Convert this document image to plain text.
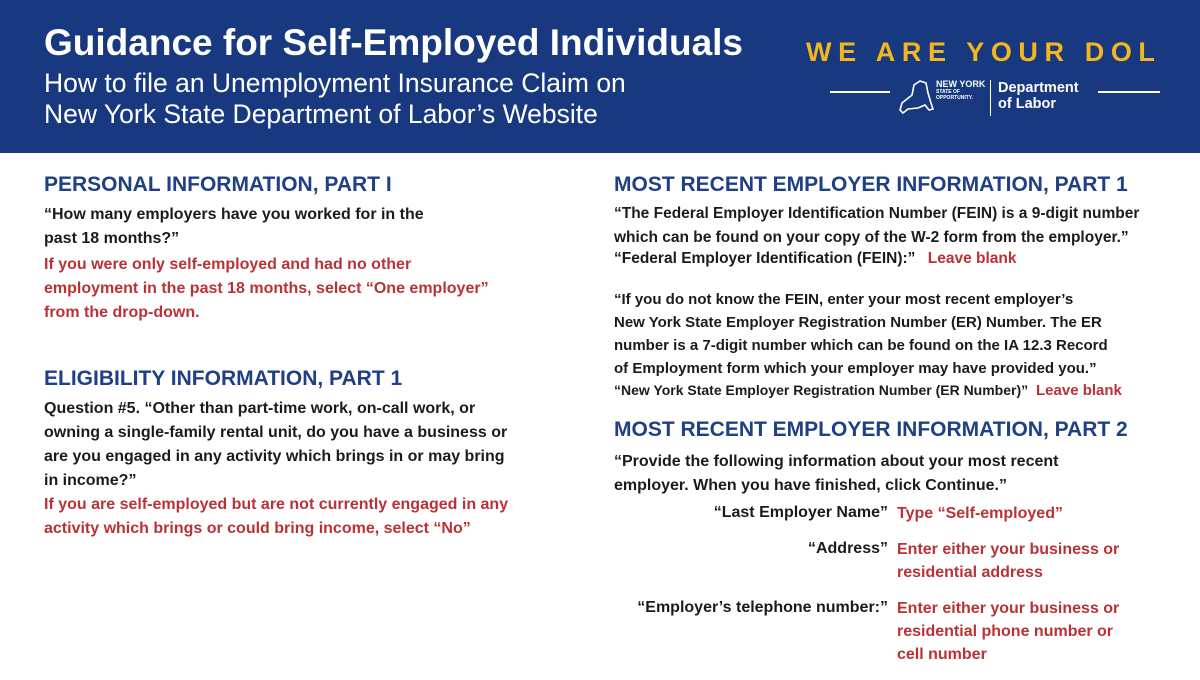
Guidance for Self-Employed Individuals
How to file an Unemployment Insurance Claim on
New York State Department of Labor’s Website
WE ARE YOUR DOL
NEW YORK
STATE OF
OPPORTUNITY.
Department
of Labor
PERSONAL INFORMATION, PART I
“How many employers have you worked for in the
past 18 months?”
If you were only self-employed and had no other
employment in the past 18 months, select “One employer”
from the drop-down.
ELIGIBILITY INFORMATION, PART 1
Question #5. “Other than part-time work, on-call work, or
owning a single-family rental unit, do you have a business or
are you engaged in any activity which brings in or may bring
in income?”
If you are self-employed but are not currently engaged in any
activity which brings or could bring income, select “No”
MOST RECENT EMPLOYER INFORMATION, PART 1
“The Federal Employer Identification Number (FEIN) is a 9-digit number
which can be found on your copy of the W-2 form from the employer.”
“Federal Employer Identification (FEIN):” Leave blank
“If you do not know the FEIN, enter your most recent employer’s
New York State Employer Registration Number (ER) Number. The ER
number is a 7-digit number which can be found on the IA 12.3 Record
of Employment form which your employer may have provided you.”
“New York State Employer Registration Number (ER Number)” Leave blank
MOST RECENT EMPLOYER INFORMATION, PART 2
“Provide the following information about your most recent
employer. When you have finished, click Continue.”
“Last Employer Name” Type “Self-employed”
“Address” Enter either your business or
residential address
“Employer’s telephone number:” Enter either your business or
residential phone number or
cell number
